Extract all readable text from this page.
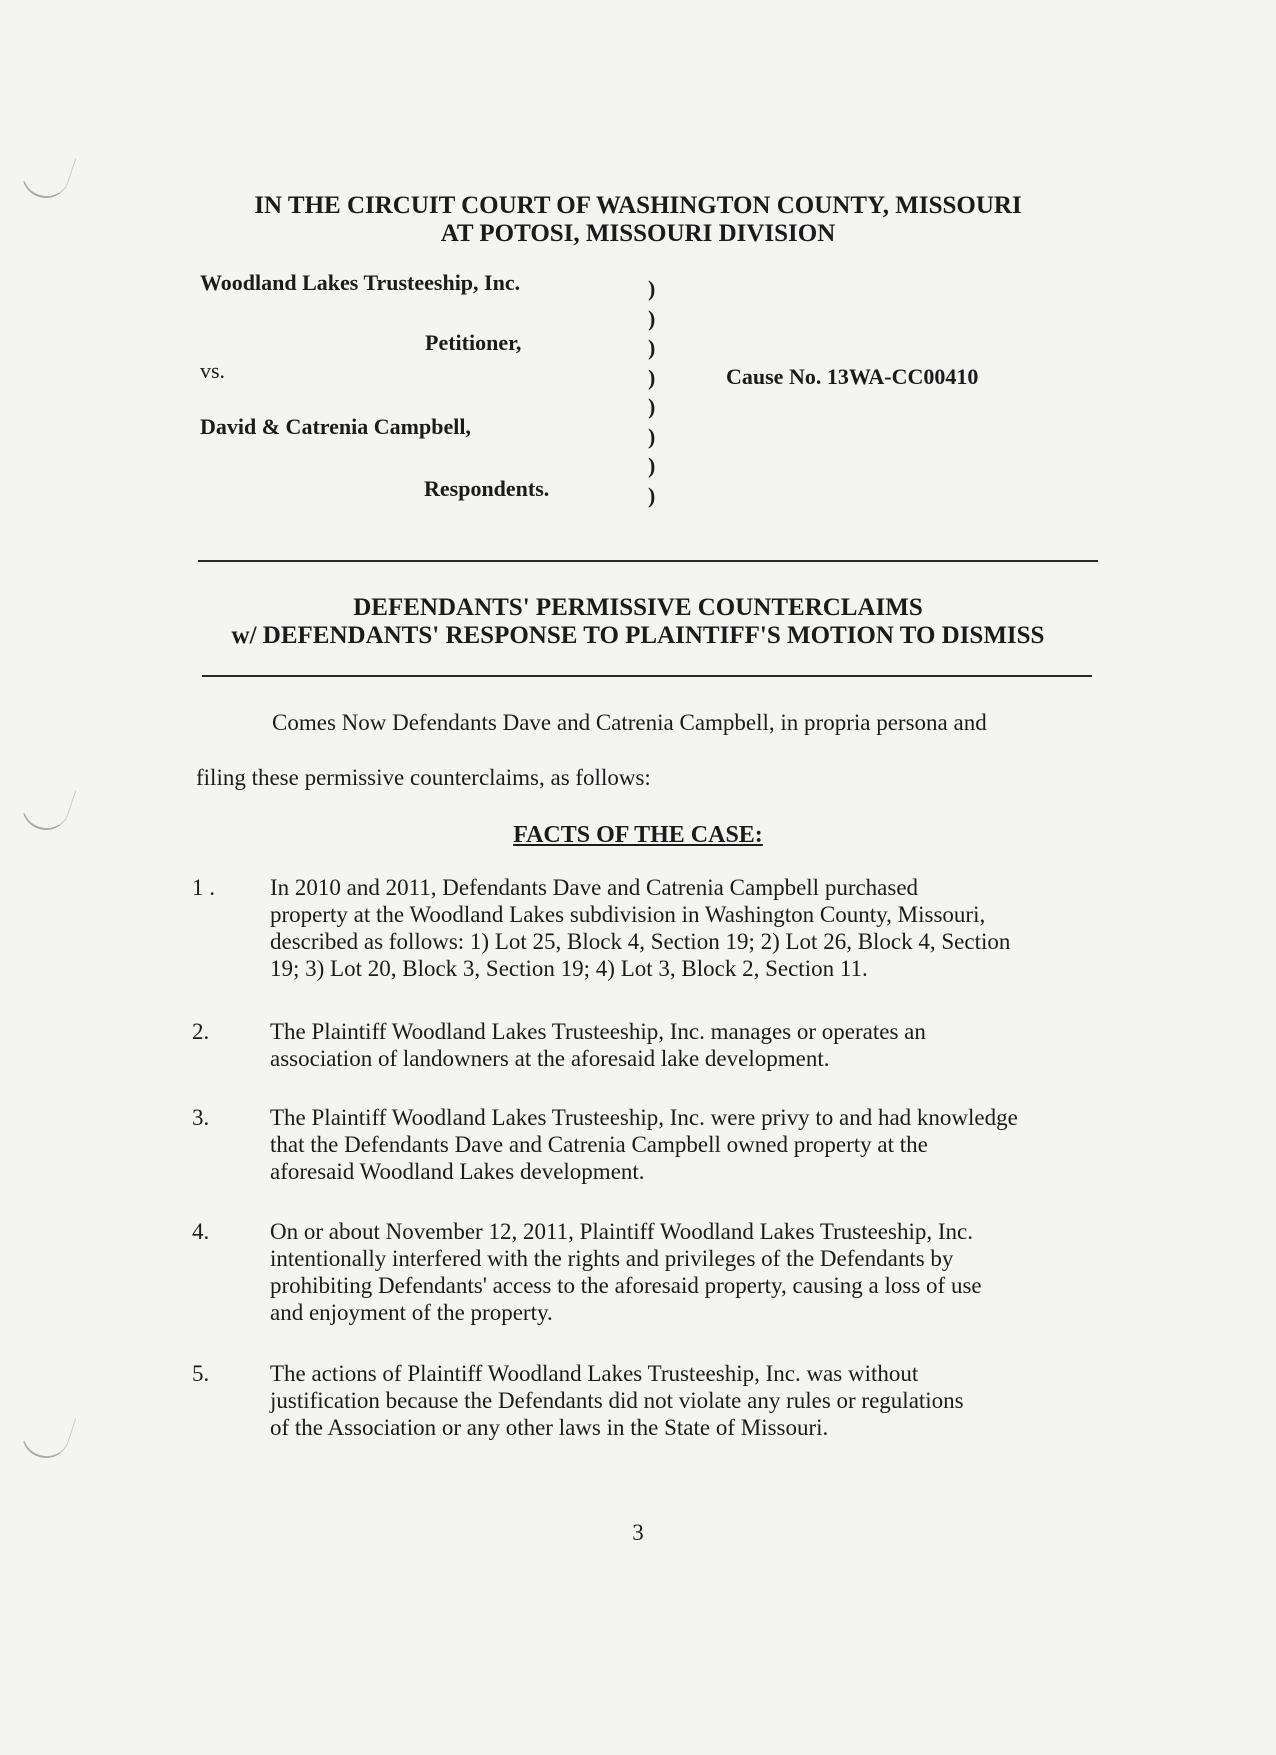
IN THE CIRCUIT COURT OF WASHINGTON COUNTY, MISSOURI

AT POTOSI, MISSOURI DIVISION

Woodland Lakes Trusteeship, Inc.
Petitioner,
vs.
David & Catrenia Campbell,
Respondents.
)
)
)
)
)
)
)
)
Cause No. 13WA-CC00410

DEFENDANTS' PERMISSIVE COUNTERCLAIMS

w/ DEFENDANTS' RESPONSE TO PLAINTIFF'S MOTION TO DISMISS

Comes Now Defendants Dave and Catrenia Campbell, in propria persona and
filing these permissive counterclaims, as follows:
FACTS OF THE CASE:
1 . In 2010 and 2011, Defendants Dave and Catrenia Campbell purchased
property at the Woodland Lakes subdivision in Washington County, Missouri,
described as follows: 1) Lot 25, Block 4, Section 19; 2) Lot 26, Block 4, Section
19; 3) Lot 20, Block 3, Section 19; 4) Lot 3, Block 2, Section 11.
2.	The Plaintiff Woodland Lakes Trusteeship, Inc. manages or operates an
association of landowners at the aforesaid lake development.
3.	The Plaintiff Woodland Lakes Trusteeship, Inc. were privy to and had knowledge
that the Defendants Dave and Catrenia Campbell owned property at the
aforesaid Woodland Lakes development.
4.	On or about November 12, 2011, Plaintiff Woodland Lakes Trusteeship, Inc.
intentionally interfered with the rights and privileges of the Defendants by
prohibiting Defendants' access to the aforesaid property, causing a loss of use
and enjoyment of the property.
5.	The actions of Plaintiff Woodland Lakes Trusteeship, Inc. was without
justification because the Defendants did not violate any rules or regulations
of the Association or any other laws in the State of Missouri.
3
